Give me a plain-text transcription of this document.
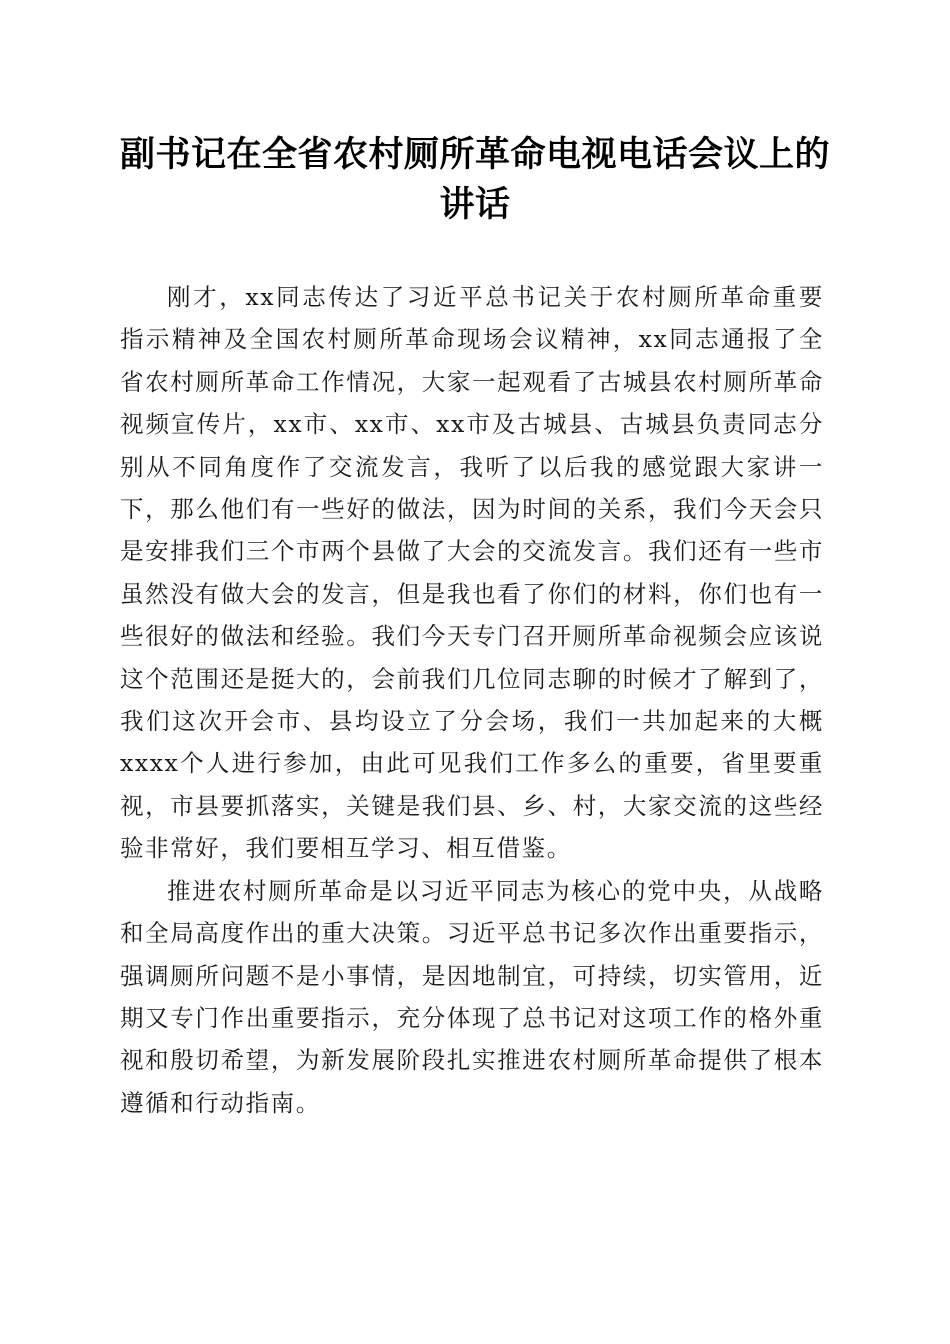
副书记在全省农村厕所革命电视电话会议上的讲话

刚才，xx同志传达了习近平总书记关于农村厕所革命重要指示精神及全国农村厕所革命现场会议精神，xx同志通报了全省农村厕所革命工作情况，大家一起观看了古城县农村厕所革命视频宣传片，xx市、xx市、xx市及古城县、古城县负责同志分别从不同角度作了交流发言，我听了以后我的感觉跟大家讲一下，那么他们有一些好的做法，因为时间的关系，我们今天会只是安排我们三个市两个县做了大会的交流发言。我们还有一些市虽然没有做大会的发言，但是我也看了你们的材料，你们也有一些很好的做法和经验。我们今天专门召开厕所革命视频会应该说这个范围还是挺大的，会前我们几位同志聊的时候才了解到了，我们这次开会市、县均设立了分会场，我们一共加起来的大概xxxx个人进行参加，由此可见我们工作多么的重要，省里要重视，市县要抓落实，关键是我们县、乡、村，大家交流的这些经验非常好，我们要相互学习、相互借鉴。

推进农村厕所革命是以习近平同志为核心的党中央，从战略和全局高度作出的重大决策。习近平总书记多次作出重要指示，强调厕所问题不是小事情，是因地制宜，可持续，切实管用，近期又专门作出重要指示，充分体现了总书记对这项工作的格外重视和殷切希望，为新发展阶段扎实推进农村厕所革命提供了根本遵循和行动指南。
